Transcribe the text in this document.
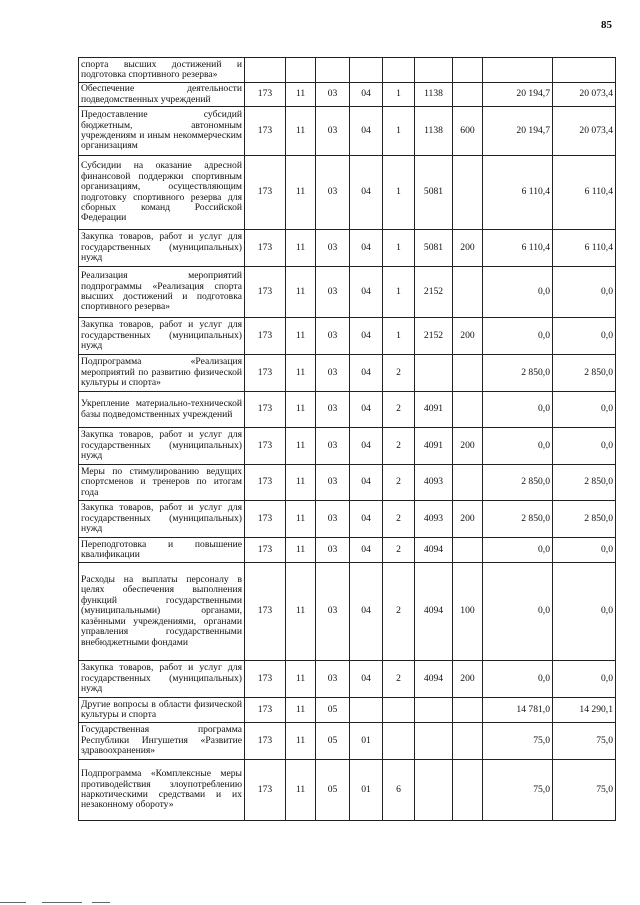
85
спорта высших достижений и подготовка спортивного резерва»									
Обеспечение деятельности подведомственных учреждений	173	11	03	04	1	1138		20 194,7	20 073,4
Предоставление субсидий бюджетным, автономным учреждениям и иным некоммерческим организациям	173	11	03	04	1	1138	600	20 194,7	20 073,4
Субсидии на оказание адресной финансовой поддержки спортивным организациям, осуществляющим подготовку спортивного резерва для сборных команд Российской Федерации	173	11	03	04	1	5081		6 110,4	6 110,4
Закупка товаров, работ и услуг для государственных (муниципальных) нужд	173	11	03	04	1	5081	200	6 110,4	6 110,4
Реализация мероприятий подпрограммы «Реализация спорта высших достижений и подготовка спортивного резерва»	173	11	03	04	1	2152		0,0	0,0
Закупка товаров, работ и услуг для государственных (муниципальных) нужд	173	11	03	04	1	2152	200	0,0	0,0
Подпрограмма «Реализация мероприятий по развитию физической культуры и спорта»	173	11	03	04	2			2 850,0	2 850,0
Укрепление материально-технической базы подведомственных учреждений	173	11	03	04	2	4091		0,0	0,0
Закупка товаров, работ и услуг для государственных (муниципальных) нужд	173	11	03	04	2	4091	200	0,0	0,0
Меры по стимулированию ведущих спортсменов и тренеров по итогам года	173	11	03	04	2	4093		2 850,0	2 850,0
Закупка товаров, работ и услуг для государственных (муниципальных) нужд	173	11	03	04	2	4093	200	2 850,0	2 850,0
Переподготовка и повышение квалификации	173	11	03	04	2	4094		0,0	0,0
Расходы на выплаты персоналу в целях обеспечения выполнения функций государственными (муниципальными) органами, казёнными учреждениями, органами управления государственными внебюджетными фондами	173	11	03	04	2	4094	100	0,0	0,0
Закупка товаров, работ и услуг для государственных (муниципальных) нужд	173	11	03	04	2	4094	200	0,0	0,0
Другие вопросы в области физической культуры и спорта	173	11	05					14 781,0	14 290,1
Государственная программа Республики Ингушетия «Развитие здравоохранения»	173	11	05	01				75,0	75,0
Подпрограмма «Комплексные меры противодействия злоупотреблению наркотическими средствами и их незаконному обороту»	173	11	05	01	6			75,0	75,0
